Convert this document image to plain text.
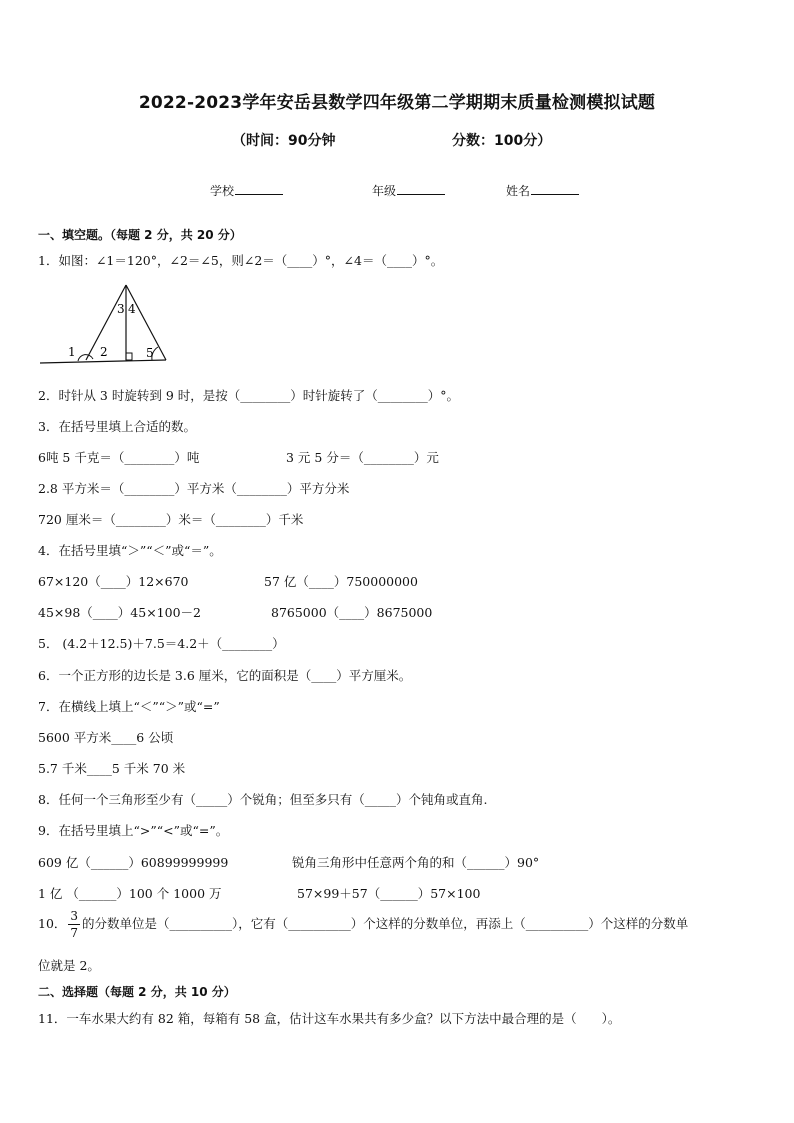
2022-2023学年安岳县数学四年级第二学期期末质量检测模拟试题
（时间：90分钟	分数：100分）
学校	年级	姓名
一、填空题。（每题 2 分，共 20 分）
1．如图：∠1＝120°，∠2＝∠5，则∠2＝（____）°，∠4＝（____）°。
1 2
3 4
5
2．时针从 3 时旋转到 9 时，是按（________）时针旋转了（________）°。
3．在括号里填上合适的数。
6吨 5 千克＝（________）吨	3 元 5 分＝（________）元
2.8 平方米＝（________）平方米（________）平方分米
720 厘米＝（________）米＝（________）千米
4．在括号里填“＞”“＜”或“＝”。
67×120（____）12×670	57 亿（____）750000000
45×98（____）45×100－2	8765000（____）8675000
5． (4.2＋12.5)＋7.5＝4.2＋（________）
6．一个正方形的边长是 3.6 厘米，它的面积是（____）平方厘米。
7．在横线上填上“＜”“＞”或“=”
5600 平方米____6 公顷
5.7 千米____5 千米 70 米
8．任何一个三角形至少有（_____）个锐角；但至多只有（_____）个钝角或直角.
9．在括号里填上“>”“<”或“=”。
609 亿（______）60899999999	锐角三角形中任意两个角的和（______）90°
1 亿 （______）100 个 1000 万	57×99＋57（______）57×100
10． $\frac{3}{7}$ 的分数单位是（__________），它有（__________）个这样的分数单位，再添上（__________）个这样的分数单
位就是 2。
二、选择题（每题 2 分，共 10 分）
11．一车水果大约有 82 箱，每箱有 58 盒，估计这车水果共有多少盒？以下方法中最合理的是（　　）。
